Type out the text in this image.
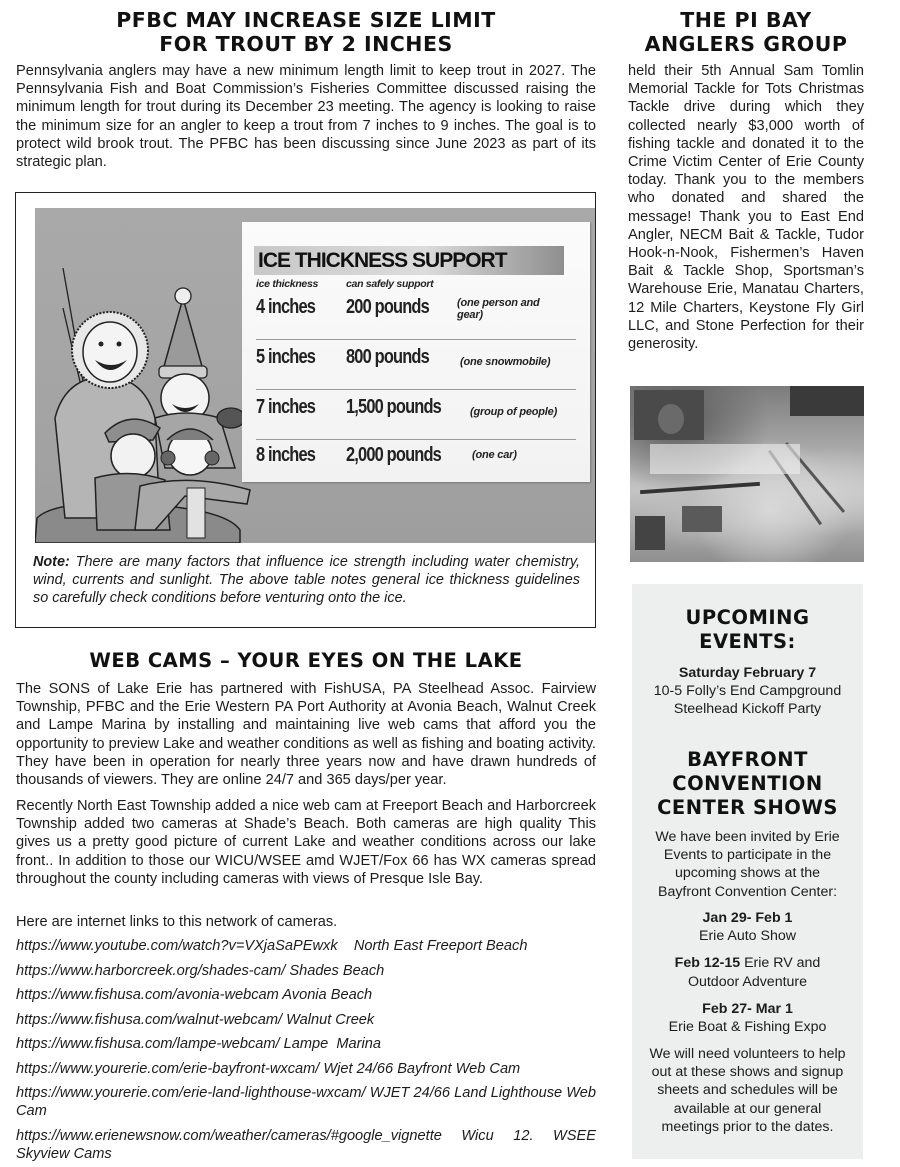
PFBC MAY INCREASE SIZE LIMIT
FOR TROUT BY 2 INCHES

Pennsylvania anglers may have a new minimum length limit to keep trout in 2027. The Pennsylvania Fish and Boat Commission’s Fisheries Committee discussed raising the minimum length for trout during its December 23 meeting. The agency is looking to raise the minimum size for an angler to keep a trout from 7 inches to 9 inches. The goal is to protect wild brook trout. The PFBC has been discussing since June 2023 as part of its strategic plan.

ICE THICKNESS SUPPORT
ice thickness	can safely support
4 inches 200 pounds	(one person and gear)
5 inches 800 pounds	(one snowmobile)
7 inches 1,500 pounds	(group of people)
8 inches 2,000 pounds	(one car)

Note: There are many factors that influence ice strength including water chemistry, wind, currents and sunlight. The above table notes general ice thickness guidelines so carefully check conditions before venturing onto the ice.

WEB CAMS – YOUR EYES ON THE LAKE

The SONS of Lake Erie has partnered with FishUSA, PA Steelhead Assoc. Fairview Township, PFBC and the Erie Western PA Port Authority at Avonia Beach, Walnut Creek and Lampe Marina by installing and maintaining live web cams that afford you the opportunity to preview Lake and weather conditions as well as fishing and boating activity. They have been in operation for nearly three years now and have drawn hundreds of thousands of viewers. They are online 24/7 and 365 days/per year.

Recently North East Township added a nice web cam at Freeport Beach and Harborcreek Township added two cameras at Shade’s Beach. Both cameras are high quality This gives us a pretty good picture of current Lake and weather conditions across our lake front.. In addition to those our WICU/WSEE amd WJET/Fox 66 has WX cameras spread throughout the county including cameras with views of Presque Isle Bay.

Here are internet links to this network of cameras.

https://www.youtube.com/watch?v=VXjaSaPEwxk    North East Freeport Beach

https://www.harborcreek.org/shades-cam/ Shades Beach

https://www.fishusa.com/avonia-webcam Avonia Beach

https://www.fishusa.com/walnut-webcam/ Walnut Creek

https://www.fishusa.com/lampe-webcam/ Lampe  Marina

https://www.yourerie.com/erie-bayfront-wxcam/ Wjet 24/66 Bayfront Web Cam

https://www.yourerie.com/erie-land-lighthouse-wxcam/ WJET 24/66 Land Lighthouse Web Cam

https://www.erienewsnow.com/weather/cameras/#google_vignette Wicu 12. WSEE Skyview Cams

THE PI BAY
ANGLERS GROUP

held their 5th Annual Sam Tomlin Memorial Tackle for Tots Christmas Tackle drive during which they collected nearly $3,000 worth of fishing tackle and donated it to the Crime Victim Center of Erie County today. Thank you to the members who donated and shared the message! Thank you to East End Angler, NECM Bait & Tackle, Tudor Hook-n-Nook, Fishermen’s Haven Bait & Tackle Shop, Sportsman’s Warehouse Erie, Manatau Charters, 12 Mile Charters, Keystone Fly Girl LLC, and Stone Perfection for their generosity.

UPCOMING
EVENTS:
Saturday February 7
10-5 Folly’s End Campground
Steelhead Kickoff Party
BAYFRONT
CONVENTION
CENTER SHOWS

We have been invited by Erie Events to participate in the upcoming shows at the Bayfront Convention Center:

Jan 29- Feb 1
Erie Auto Show
Feb 12-15 Erie RV and Outdoor Adventure
Feb 27- Mar 1
Erie Boat & Fishing Expo

We will need volunteers to help out at these shows and signup sheets and schedules will be available at our general meetings prior to the dates.
